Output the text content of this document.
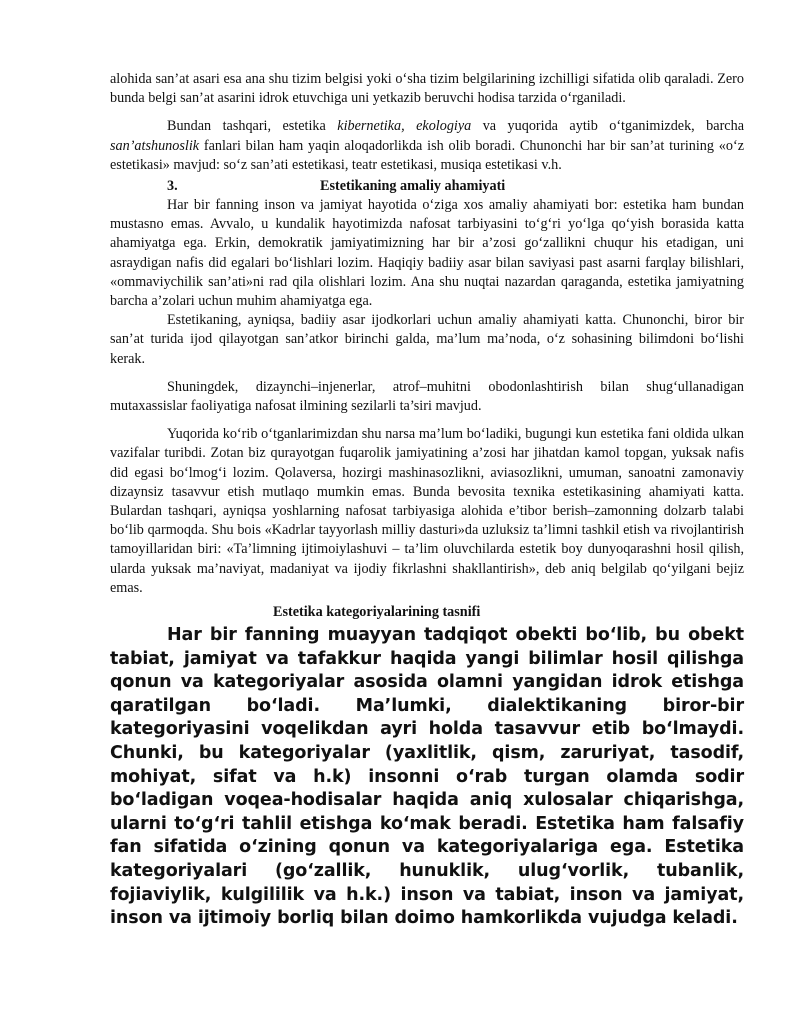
alohida san’at asari esa ana shu tizim belgisi yoki o‘sha tizim belgilarining izchilligi sifatida olib qaraladi. Zero bunda belgi san’at asarini idrok etuvchiga uni yetkazib beruvchi hodisa tarzida o‘rganiladi.

Bundan tashqari, estetika kibernetika, ekologiya va yuqorida aytib o‘tganimizdek, barcha san’atshunoslik fanlari bilan ham yaqin aloqadorlikda ish olib boradi. Chunonchi har bir san’at turining «o‘z estetikasi» mavjud: so‘z san’ati estetikasi, teatr estetikasi, musiqa estetikasi v.h.

3.	Estetikaning amaliy ahamiyati

Har bir fanning inson va jamiyat hayotida o‘ziga xos amaliy ahamiyati bor: estetika ham bundan mustasno emas. Avvalo, u kundalik hayotimizda nafosat tarbiyasini to‘g‘ri yo‘lga qo‘yish borasida katta ahamiyatga ega. Erkin, demokratik jamiyatimizning har bir a’zosi go‘zallikni chuqur his etadigan, uni asraydigan nafis did egalari bo‘lishlari lozim. Haqiqiy badiiy asar bilan saviyasi past asarni farqlay bilishlari, «ommaviychilik san’ati»ni rad qila olishlari lozim. Ana shu nuqtai nazardan qaraganda, estetika jamiyatning barcha a’zolari uchun muhim ahamiyatga ega.

Estetikaning, ayniqsa, badiiy asar ijodkorlari uchun amaliy ahamiyati katta. Chunonchi, biror bir san’at turida ijod qilayotgan san’atkor birinchi galda, ma’lum ma’noda, o‘z sohasining bilimdoni bo‘lishi kerak.

Shuningdek, dizaynchi–injenerlar, atrof–muhitni obodonlashtirish bilan shug‘ullanadigan mutaxassislar faoliyatiga nafosat ilmining sezilarli ta’siri mavjud.

Yuqorida ko‘rib o‘tganlarimizdan shu narsa ma’lum bo‘ladiki, bugungi kun estetika fani oldida ulkan vazifalar turibdi. Zotan biz qurayotgan fuqarolik jamiyatining a’zosi har jihatdan kamol topgan, yuksak nafis did egasi bo‘lmog‘i lozim. Qolaversa, hozirgi mashinasozlikni, aviasozlikni, umuman, sanoatni zamonaviy dizaynsiz tasavvur etish mutlaqo mumkin emas. Bunda bevosita texnika estetikasining ahamiyati katta. Bulardan tashqari, ayniqsa yoshlarning nafosat tarbiyasiga alohida e’tibor berish–zamonning dolzarb talabi bo‘lib qarmoqda. Shu bois «Kadrlar tayyorlash milliy dasturi»da uzluksiz ta’limni tashkil etish va rivojlantirish tamoyillaridan biri: «Ta’limning ijtimoiylashuvi – ta’lim oluvchilarda estetik boy dunyoqarashni hosil qilish, ularda yuksak ma’naviyat, madaniyat va ijodiy fikrlashni shakllantirish», deb aniq belgilab qo‘yilgani bejiz emas.

Estetika kategoriyalarining tasnifi

Har bir fanning muayyan tadqiqot obekti bo‘lib, bu obekt tabiat, jamiyat va tafakkur haqida yangi bilimlar hosil qilishga qonun va kategoriyalar asosida olamni yangidan idrok etishga qaratilgan bo‘ladi. Ma’lumki, dialektikaning biror-bir kategoriyasini voqelikdan ayri holda tasavvur etib bo‘lmaydi. Chunki, bu kategoriyalar (yaxlitlik, qism, zaruriyat, tasodif, mohiyat, sifat va h.k) insonni o‘rab turgan olamda sodir bo‘ladigan voqea-hodisalar haqida aniq xulosalar chiqarishga, ularni to‘g‘ri tahlil etishga ko‘mak beradi. Estetika ham falsafiy fan sifatida o‘zining qonun va kategoriyalariga ega. Estetika kategoriyalari (go‘zallik, hunuklik, ulug‘vorlik, tubanlik, fojiaviylik, kulgililik va h.k.) inson va tabiat, inson va jamiyat, inson va ijtimoiy borliq bilan doimo hamkorlikda vujudga keladi.
